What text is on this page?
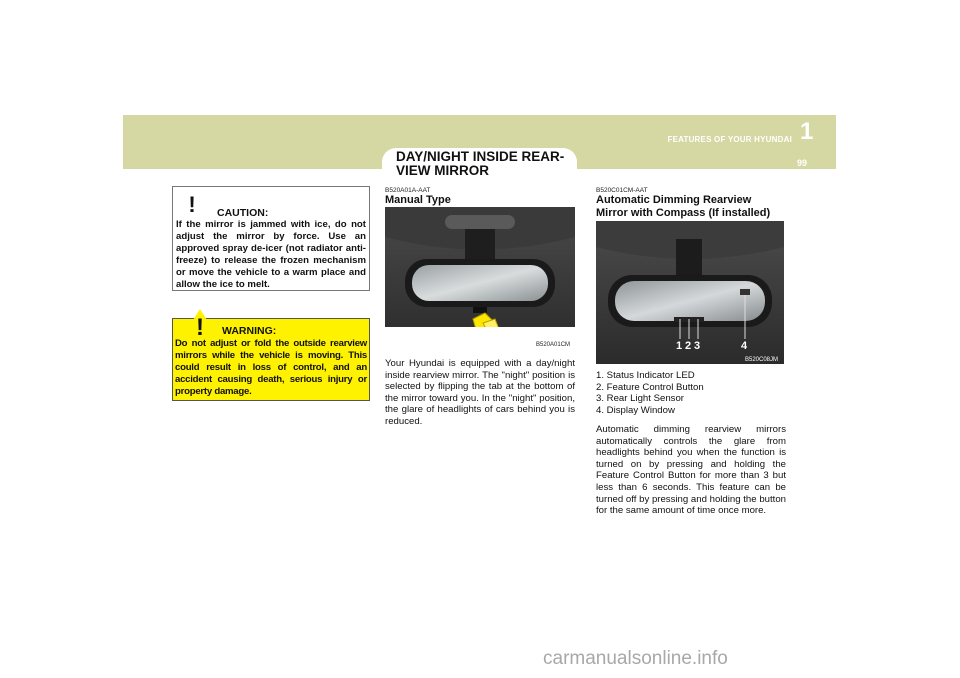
FEATURES OF YOUR HYUNDAI 1
99
DAY/NIGHT INSIDE REAR-VIEW MIRROR
! CAUTION:
If the mirror is jammed with ice, do not adjust the mirror by force. Use an approved spray de-icer (not radiator anti-freeze) to release the frozen mechanism or move the vehicle to a warm place and allow the ice to melt.
! WARNING:
Do not adjust or fold the outside rearview mirrors while the vehicle is moving. This could result in loss of control, and an accident causing death, serious injury or property damage.
B520A01A-AAT
Manual Type
B520A01CM
Your Hyundai is equipped with a day/night inside rearview mirror. The "night" position is selected by flipping the tab at the bottom of the mirror toward you. In the "night" position, the glare of headlights of cars behind you is reduced.
B520C01CM-AAT
Automatic Dimming Rearview
Mirror with Compass (If installed)
1 2 3	4
B520C08JM
1. Status Indicator LED
2. Feature Control Button
3. Rear Light Sensor
4. Display Window
Automatic dimming rearview mirrors automatically controls the glare from headlights behind you when the function is turned on by pressing and holding the Feature Control Button for more than 3 but less than 6 seconds. This feature can be turned off by pressing and holding the button for the same amount of time once more.
carmanualsonline.info
